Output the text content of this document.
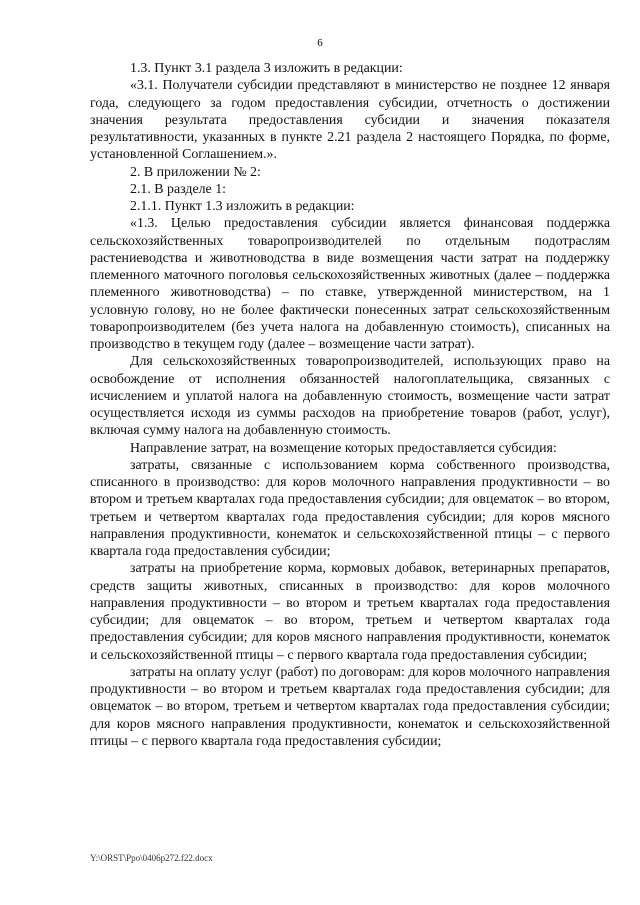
6

1.3. Пункт 3.1 раздела 3 изложить в редакции:

«3.1. Получатели субсидии представляют в министерство не позднее 12 января года, следующего за годом предоставления субсидии, отчетность о достижении значения результата предоставления субсидии и значения показателя результативности, указанных в пункте 2.21 раздела 2 настоящего Порядка, по форме, установленной Соглашением.».

2. В приложении № 2:

2.1. В разделе 1:

2.1.1. Пункт 1.3 изложить в редакции:

«1.3. Целью предоставления субсидии является финансовая поддержка сельскохозяйственных товаропроизводителей по отдельным подотраслям растениеводства и животноводства в виде возмещения части затрат на поддержку племенного маточного поголовья сельскохозяйственных животных (далее – поддержка племенного животноводства) – по ставке, утвержденной министерством, на 1 условную голову, но не более фактически понесенных затрат сельскохозяйственным товаропроизводителем (без учета налога на добавленную стоимость), списанных на производство в текущем году (далее – возмещение части затрат).

Для сельскохозяйственных товаропроизводителей, использующих право на освобождение от исполнения обязанностей налогоплательщика, связанных с исчислением и уплатой налога на добавленную стоимость, возмещение части затрат осуществляется исходя из суммы расходов на приобретение товаров (работ, услуг), включая сумму налога на добавленную стоимость.

Направление затрат, на возмещение которых предоставляется субсидия:

затраты, связанные с использованием корма собственного производства, списанного в производство: для коров молочного направления продуктивности – во втором и третьем кварталах года предоставления субсидии; для овцематок – во втором, третьем и четвертом кварталах года предоставления субсидии; для коров мясного направления продуктивности, конематок и сельскохозяйственной птицы – с первого квартала года предоставления субсидии;

затраты на приобретение корма, кормовых добавок, ветеринарных препаратов, средств защиты животных, списанных в производство: для коров молочного направления продуктивности – во втором и третьем кварталах года предоставления субсидии; для овцематок – во втором, третьем и четвертом кварталах года предоставления субсидии; для коров мясного направления продуктивности, конематок и сельскохозяйственной птицы – с первого квартала года предоставления субсидии;

затраты на оплату услуг (работ) по договорам: для коров молочного направления продуктивности – во втором и третьем кварталах года предоставления субсидии; для овцематок – во втором, третьем и четвертом кварталах года предоставления субсидии; для коров мясного направления продуктивности, конематок и сельскохозяйственной птицы – с первого квартала года предоставления субсидии;

Y:\ORST\Ppo\0406p272.f22.docx
